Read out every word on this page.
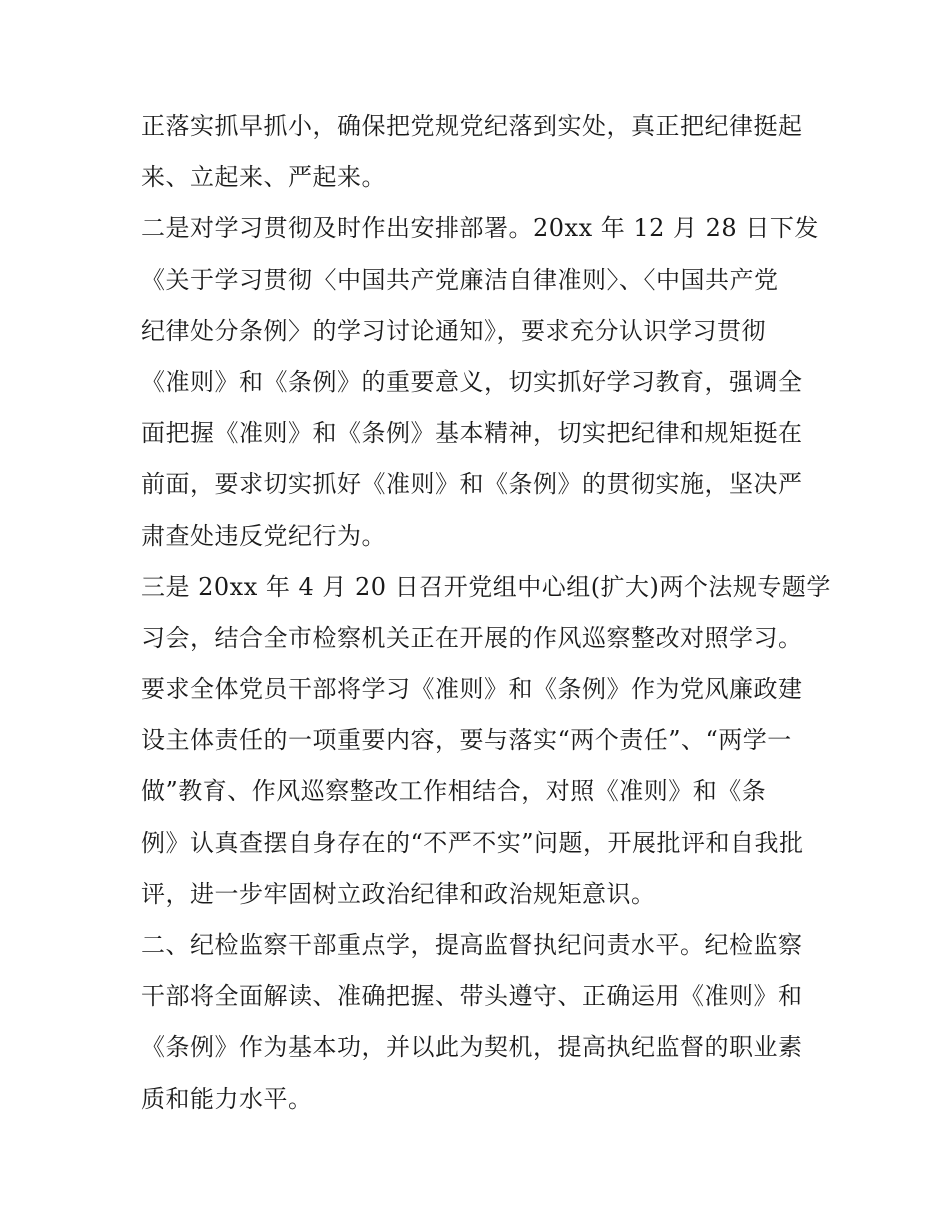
正落实抓早抓小，确保把党规党纪落到实处，真正把纪律挺起
来、立起来、严起来。
二是对学习贯彻及时作出安排部署。20xx 年 12 月 28 日下发
《关于学习贯彻〈中国共产党廉洁自律准则〉、〈中国共产党
纪律处分条例〉的学习讨论通知》，要求充分认识学习贯彻
《准则》和《条例》的重要意义，切实抓好学习教育，强调全
面把握《准则》和《条例》基本精神，切实把纪律和规矩挺在
前面，要求切实抓好《准则》和《条例》的贯彻实施，坚决严
肃查处违反党纪行为。
三是 20xx 年 4 月 20 日召开党组中心组(扩大)两个法规专题学
习会，结合全市检察机关正在开展的作风巡察整改对照学习。
要求全体党员干部将学习《准则》和《条例》作为党风廉政建
设主体责任的一项重要内容，要与落实“两个责任”、“两学一
做”教育、作风巡察整改工作相结合，对照《准则》和《条
例》认真查摆自身存在的“不严不实”问题，开展批评和自我批
评，进一步牢固树立政治纪律和政治规矩意识。
二、纪检监察干部重点学，提高监督执纪问责水平。纪检监察
干部将全面解读、准确把握、带头遵守、正确运用《准则》和
《条例》作为基本功，并以此为契机，提高执纪监督的职业素
质和能力水平。
